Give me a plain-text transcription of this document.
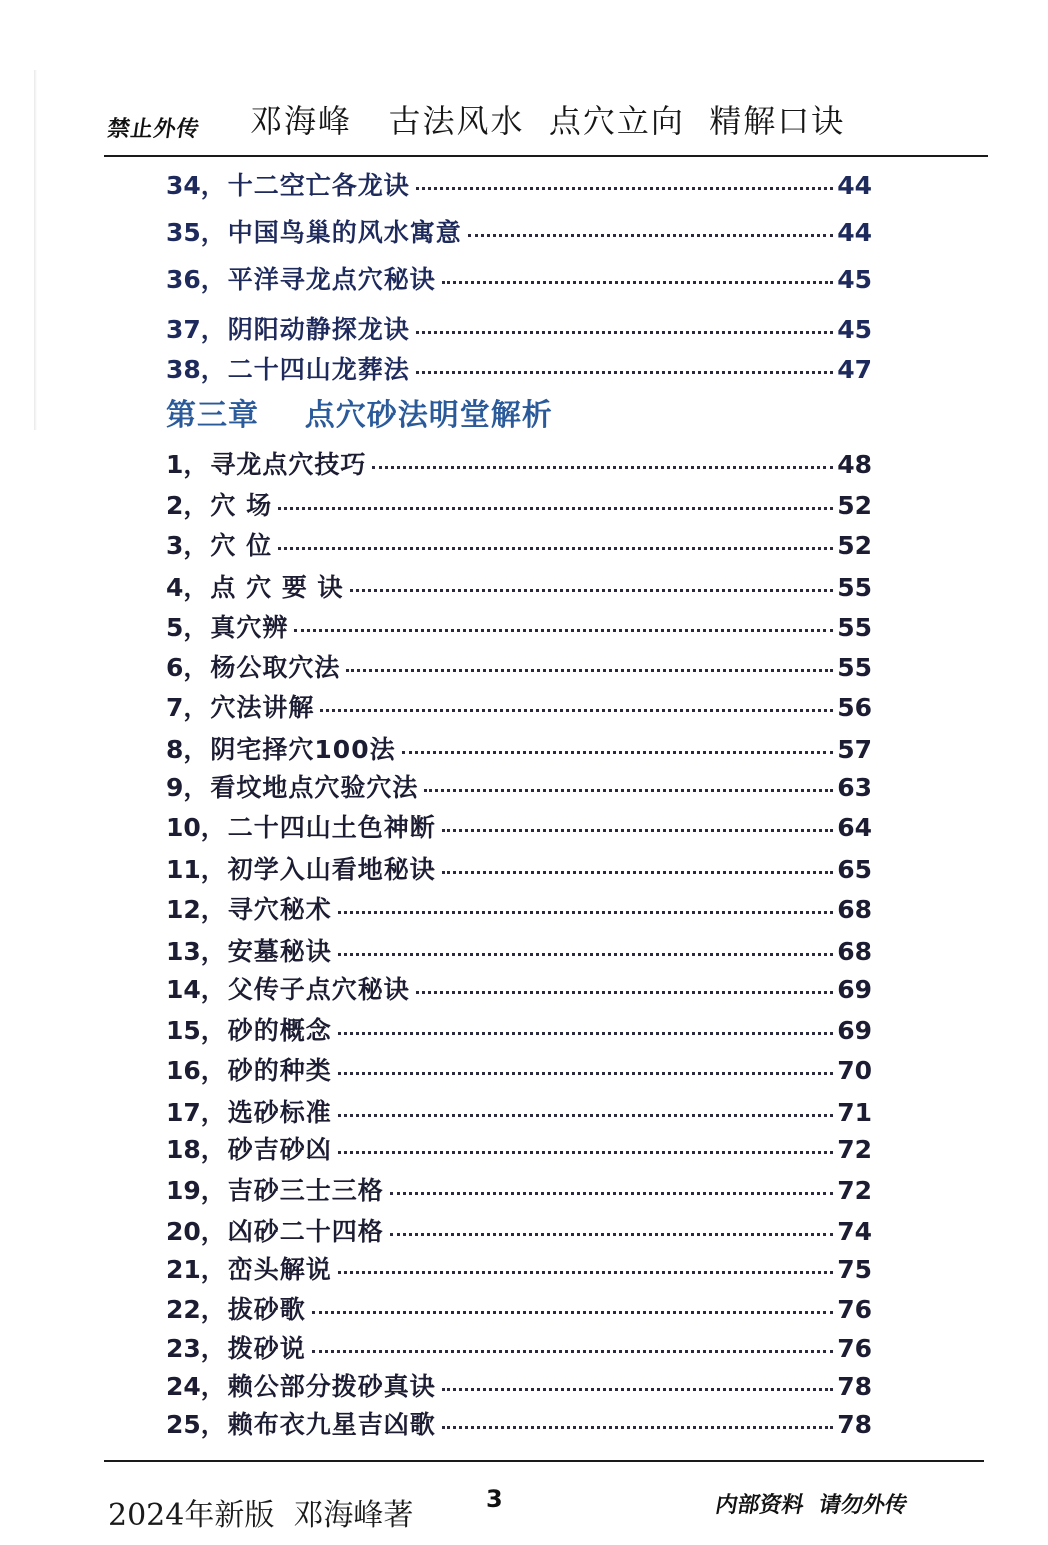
禁止外传 邓海峰   古法风水  点穴立向  精解口诀
第三章    点穴砂法明堂解析
34， 十二空亡各龙诀	44
35， 中国鸟巢的风水寓意	44
36， 平洋寻龙点穴秘诀	45
37， 阴阳动静探龙诀	45
38， 二十四山龙葬法	47
1， 寻龙点穴技巧	48
2， 穴 场	52
3， 穴 位	52
4， 点 穴 要 诀	55
5， 真穴辨	55
6， 杨公取穴法	55
7， 穴法讲解	56
8， 阴宅择穴100法	57
9， 看坟地点穴验穴法	63
10， 二十四山土色神断	64
11， 初学入山看地秘诀	65
12， 寻穴秘术	68
13， 安墓秘诀	68
14， 父传子点穴秘诀	69
15， 砂的概念	69
16， 砂的种类	70
17， 选砂标准	71
18， 砂吉砂凶	72
19， 吉砂三士三格	72
20， 凶砂二十四格	74
21， 峦头解说	75
22， 拔砂歌	76
23， 拨砂说	76
24， 赖公部分拨砂真诀	78
25， 赖布衣九星吉凶歌	78
2024年新版  邓海峰著	3	内部资料  请勿外传
